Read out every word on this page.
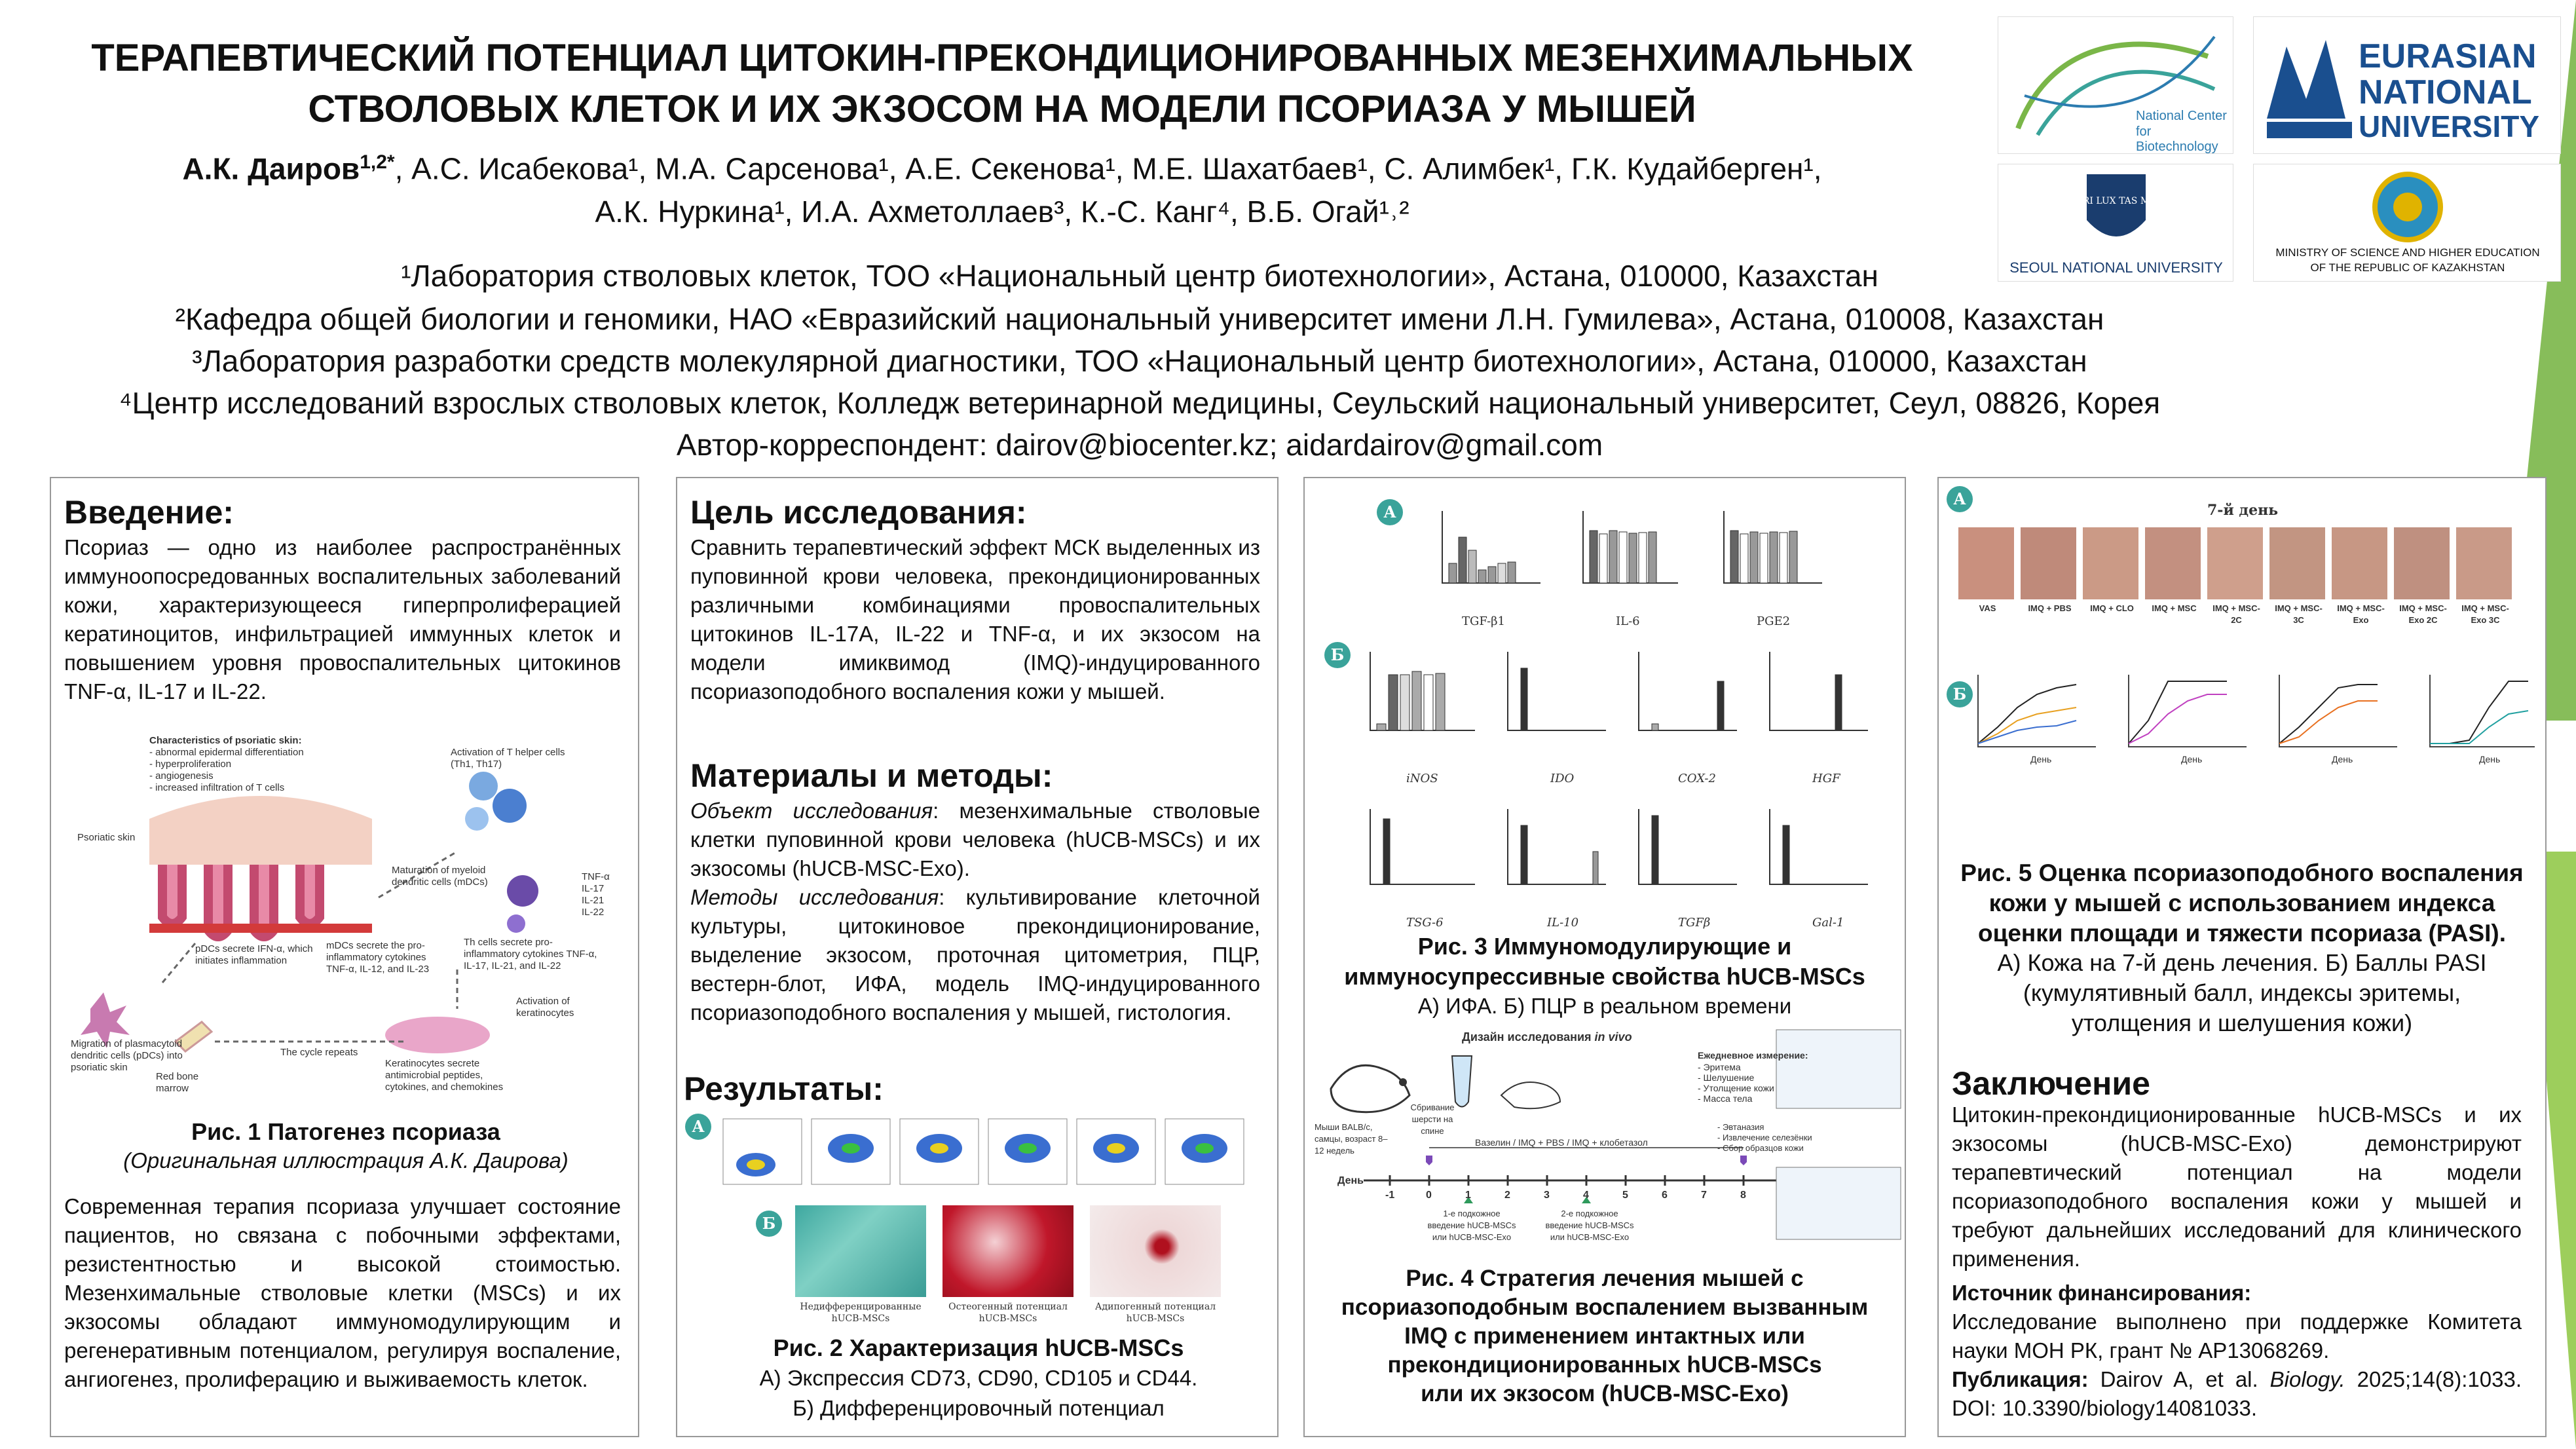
ТЕРАПЕВТИЧЕСКИЙ ПОТЕНЦИАЛ ЦИТОКИН-ПРЕКОНДИЦИОНИРОВАННЫХ МЕЗЕНХИМАЛЬНЫХ
СТВОЛОВЫХ КЛЕТОК И ИХ ЭКЗОСОМ НА МОДЕЛИ ПСОРИАЗА У МЫШЕЙ
А.К. Даиров$^{1,2*}$, А.С. Исабекова¹, М.А. Сарсенова¹, А.Е. Секенова¹, М.Е. Шахатбаев¹, С. Алимбек¹, Г.К. Кудайберген¹,
А.К. Нуркина¹, И.А. Ахметоллаев³, К.-С. Канг⁴, В.Б. Огай¹˒²
¹Лаборатория стволовых клеток, ТОО «Национальный центр биотехнологии», Астана, 010000, Казахстан
²Кафедра общей биологии и геномики, НАО «Евразийский национальный университет имени Л.Н. Гумилева», Астана, 010008, Казахстан
³Лаборатория разработки средств молекулярной диагностики, ТОО «Национальный центр биотехнологии», Астана, 010000, Казахстан
⁴Центр исследований взрослых стволовых клеток, Колледж ветеринарной медицины, Сеульский национальный университет, Сеул, 08826, Корея
Автор-корреспондент: dairov@biocenter.kz; aidardairov@gmail.com
National Center
for Biotechnology
EURASIAN
NATIONAL
UNIVERSITY
VERI LUX TAS MEA
SEOUL NATIONAL UNIVERSITY
MINISTRY OF SCIENCE AND HIGHER EDUCATION
OF THE REPUBLIC OF KAZAKHSTAN
Введение:
Псориаз — одно из наиболее распространённых иммуноопосредованных воспалительных заболеваний кожи, характеризующееся гиперпролиферацией кератиноцитов, инфильтрацией иммунных клеток и повышением уровня провоспалительных цитокинов TNF-α, IL-17 и IL-22.
Characteristics of psoriatic skin:
- abnormal epidermal differentiation
- hyperproliferation
- angiogenesis
- increased infiltration of T cells
Psoriatic skin
Activation of T helper cells (Th1, Th17)
Maturation of myeloid dendritic cells (mDCs)	TNF-α
IL-17
IL-21
IL-22
pDCs secrete IFN-α, which initiates inflammation
mDCs secrete the pro-inflammatory cytokines TNF-α, IL-12, and IL-23
Th cells secrete pro-inflammatory cytokines TNF-α, IL-17, IL-21, and IL-22
Migration of plasmacytoid dendritic cells (pDCs) into psoriatic skin
Red bone marrow
Activation of keratinocytes
The cycle repeats
Keratinocytes secrete antimicrobial peptides, cytokines, and chemokines
Рис. 1 Патогенез псориаза
(Оригинальная иллюстрация А.К. Даирова)
Современная терапия псориаза улучшает состояние пациентов, но связана с побочными эффектами, резистентностью и высокой стоимостью. Мезенхимальные стволовые клетки (MSCs) и их экзосомы обладают иммуномодулирующим и регенеративным потенциалом, регулируя воспаление, ангиогенез, пролиферацию и выживаемость клеток.
Цель исследования:
Сравнить терапевтический эффект МСК выделенных из пуповинной крови человека, прекондиционированных различными комбинациями провоспалительных цитокинов IL-17A, IL-22 и TNF-α, и их экзосом на модели имиквимод (IMQ)-индуцированного псориазоподобного воспаления кожи у мышей.
Материалы и методы:
Объект исследования: мезенхимальные стволовые клетки пуповинной крови человека (hUCB-MSCs) и их экзосомы (hUCB-MSC-Exo).
Методы исследования: культивирование клеточной культуры, цитокиновое прекондиционирование, выделение экзосом, проточная цитометрия, ПЦР, вестерн-блот, ИФА, модель IMQ-индуцированного псориазоподобного воспаления у мышей, гистология.
Результаты:
А
Б
Недифференцированные hUCB-MSCs
Остеогенный потенциал hUCB-MSCs
Адипогенный потенциал hUCB-MSCs
Рис. 2 Характеризация hUCB-MSCs
А) Экспрессия CD73, CD90, CD105 и CD44.
Б) Дифференцировочный потенциал
А
Б
TGF-β1	IL-6	PGE2
iNOS	IDO	COX-2	HGF
TSG-6	IL-10	TGFβ	Gal-1
Рис. 3 Иммуномодулирующие и
иммуносупрессивные свойства hUCB-MSCs
А) ИФА. Б) ПЦР в реальном времени
Дизайн исследования in vivo
Ежедневное измерение:
- Эритема
- Шелушение
- Утолщение кожи
- Масса тела
Сбривание шерсти на спине
Мыши BALB/c, самцы, возраст 8–12 недель
Вазелин / IMQ + PBS / IMQ + клобетазол
- Эвтаназия
- Извлечение селезёнки
- Сбор образцов кожи
День
-1	0	1	2	3	4	5	6	7	8
1-е подкожное введение hUCB-MSCs или hUCB-MSC-Exo
2-е подкожное введение hUCB-MSCs или hUCB-MSC-Exo
Рис. 4 Стратегия лечения мышей с
псориазоподобным воспалением вызванным
IMQ с применением интактных или
прекондиционированных hUCB-MSCs
или их экзосом (hUCB-MSC-Exo)
А
7-й день
VAS	IMQ + PBS	IMQ + CLO	IMQ + MSC	IMQ + MSC-2C
IMQ + MSC-3C
IMQ + MSC-Exo
IMQ + MSC-Exo 2C
IMQ + MSC-Exo 3C
Б
День	День	День	День
Рис. 5 Оценка псориазоподобного воспаления
кожи у мышей с использованием индекса
оценки площади и тяжести псориаза (PASI).
А) Кожа на 7-й день лечения. Б) Баллы PASI
(кумулятивный балл, индексы эритемы,
утолщения и шелушения кожи)
Заключение
Цитокин-прекондиционированные hUCB-MSCs и их экзосомы (hUCB-MSC-Exo) демонстрируют терапевтический потенциал на модели псориазоподобного воспаления кожи у мышей и требуют дальнейших исследований для клинического применения.
Источник финансирования:
Исследование выполнено при поддержке Комитета науки МОН РК, грант № AP13068269.
Публикация: Dairov A, et al. Biology. 2025;14(8):1033. DOI: 10.3390/biology14081033.
